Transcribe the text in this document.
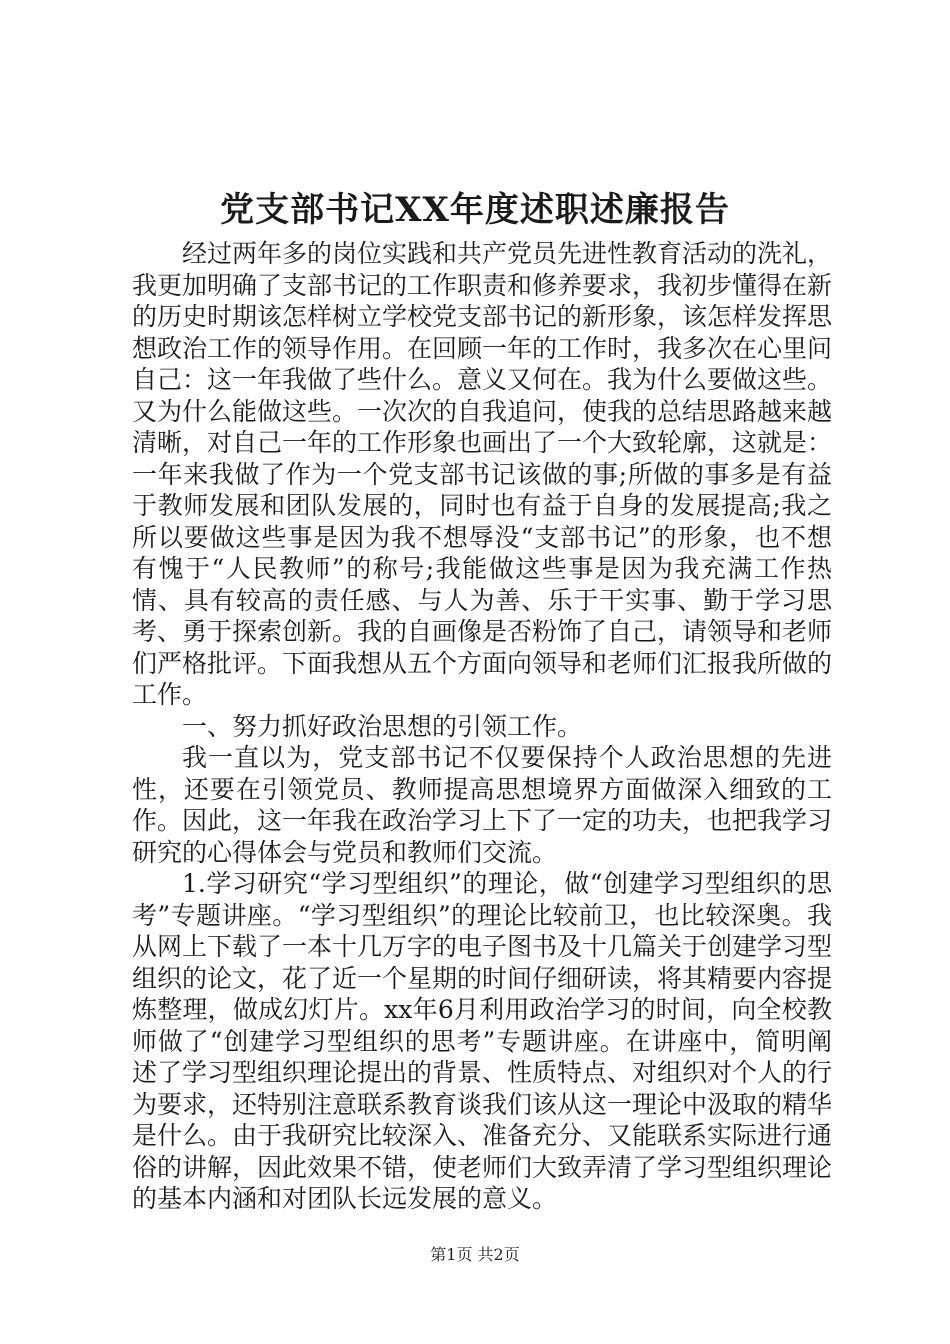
党支部书记XX年度述职述廉报告

经过两年多的岗位实践和共产党员先进性教育活动的洗礼，我更加明确了支部书记的工作职责和修养要求，我初步懂得在新的历史时期该怎样树立学校党支部书记的新形象，该怎样发挥思想政治工作的领导作用。在回顾一年的工作时，我多次在心里问自己：这一年我做了些什么。意义又何在。我为什么要做这些。又为什么能做这些。一次次的自我追问，使我的总结思路越来越清晰，对自己一年的工作形象也画出了一个大致轮廓，这就是：一年来我做了作为一个党支部书记该做的事;所做的事多是有益于教师发展和团队发展的，同时也有益于自身的发展提高;我之所以要做这些事是因为我不想辱没“支部书记”的形象，也不想有愧于“人民教师”的称号;我能做这些事是因为我充满工作热情、具有较高的责任感、与人为善、乐于干实事、勤于学习思考、勇于探索创新。我的自画像是否粉饰了自己，请领导和老师们严格批评。下面我想从五个方面向领导和老师们汇报我所做的工作。

一、努力抓好政治思想的引领工作。

我一直以为，党支部书记不仅要保持个人政治思想的先进性，还要在引领党员、教师提高思想境界方面做深入细致的工作。因此，这一年我在政治学习上下了一定的功夫，也把我学习研究的心得体会与党员和教师们交流。

1.学习研究“学习型组织”的理论，做“创建学习型组织的思考”专题讲座。“学习型组织”的理论比较前卫，也比较深奥。我从网上下载了一本十几万字的电子图书及十几篇关于创建学习型组织的论文，花了近一个星期的时间仔细研读，将其精要内容提炼整理，做成幻灯片。xx年6月利用政治学习的时间，向全校教师做了“创建学习型组织的思考”专题讲座。在讲座中，简明阐述了学习型组织理论提出的背景、性质特点、对组织对个人的行为要求，还特别注意联系教育谈我们该从这一理论中汲取的精华是什么。由于我研究比较深入、准备充分、又能联系实际进行通俗的讲解，因此效果不错，使老师们大致弄清了学习型组织理论的基本内涵和对团队长远发展的意义。

第1页 共2页
